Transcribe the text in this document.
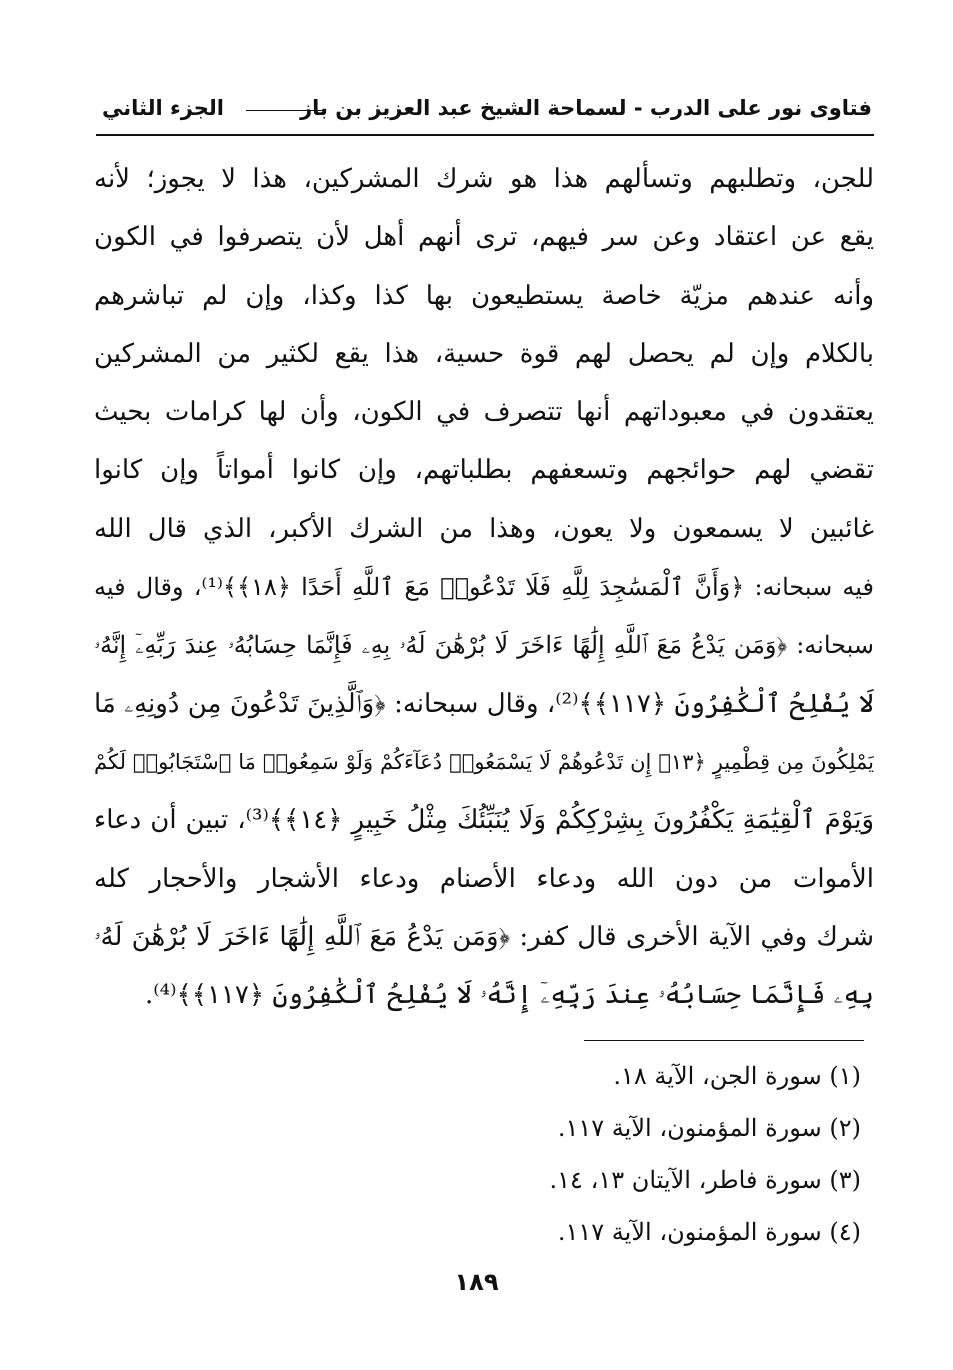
فتاوى نور على الدرب - لسماحة الشيخ عبد العزيز بن باز
الجزء الثاني
للجن، وتطلبهم وتسألهم هذا هو شرك المشركين، هذا لا يجوز؛ لأنه
يقع عن اعتقاد وعن سر فيهم، ترى أنهم أهل لأن يتصرفوا في الكون
وأنه عندهم مزيّة خاصة يستطيعون بها كذا وكذا، وإن لم تباشرهم
بالكلام وإن لم يحصل لهم قوة حسية، هذا يقع لكثير من المشركين
يعتقدون في معبوداتهم أنها تتصرف في الكون، وأن لها كرامات بحيث
تقضي لهم حوائجهم وتسعفهم بطلباتهم، وإن كانوا أمواتاً وإن كانوا
غائبين لا يسمعون ولا يعون، وهذا من الشرك الأكبر، الذي قال الله
فيه سبحانه: ﴿وَأَنَّ ٱلْمَسَٰجِدَ لِلَّهِ فَلَا تَدْعُوا۟ مَعَ ٱللَّهِ أَحَدًا ﴿١٨﴾﴾⁽¹⁾، وقال فيه
سبحانه: ﴿وَمَن يَدْعُ مَعَ ٱللَّهِ إِلَٰهًا ءَاخَرَ لَا بُرْهَٰنَ لَهُۥ بِهِۦ فَإِنَّمَا حِسَابُهُۥ عِندَ رَبِّهِۦٓ إِنَّهُۥ
لَا يُفْلِحُ ٱلْكَٰفِرُونَ ﴿١١٧﴾﴾⁽²⁾، وقال سبحانه: ﴿وَٱلَّذِينَ تَدْعُونَ مِن دُونِهِۦ مَا
يَمْلِكُونَ مِن قِطْمِيرٍ ﴿١٣﴾ إِن تَدْعُوهُمْ لَا يَسْمَعُوا۟ دُعَآءَكُمْ وَلَوْ سَمِعُوا۟ مَا ٱسْتَجَابُوا۟ لَكُمْ
وَيَوْمَ ٱلْقِيَٰمَةِ يَكْفُرُونَ بِشِرْكِكُمْ وَلَا يُنَبِّئُكَ مِثْلُ خَبِيرٍ ﴿١٤﴾﴾⁽³⁾، تبين أن دعاء
الأموات من دون الله ودعاء الأصنام ودعاء الأشجار والأحجار كله
شرك وفي الآية الأخرى قال كفر: ﴿وَمَن يَدْعُ مَعَ ٱللَّهِ إِلَٰهًا ءَاخَرَ لَا بُرْهَٰنَ لَهُۥ
بِهِۦ فَإِنَّمَا حِسَابُهُۥ عِندَ رَبِّهِۦٓ إِنَّهُۥ لَا يُفْلِحُ ٱلْكَٰفِرُونَ ﴿١١٧﴾﴾⁽⁴⁾.
(١) سورة الجن، الآية ١٨.
(٢) سورة المؤمنون، الآية ١١٧.
(٣) سورة فاطر، الآيتان ١٣، ١٤.
(٤) سورة المؤمنون، الآية ١١٧.
١٨٩
